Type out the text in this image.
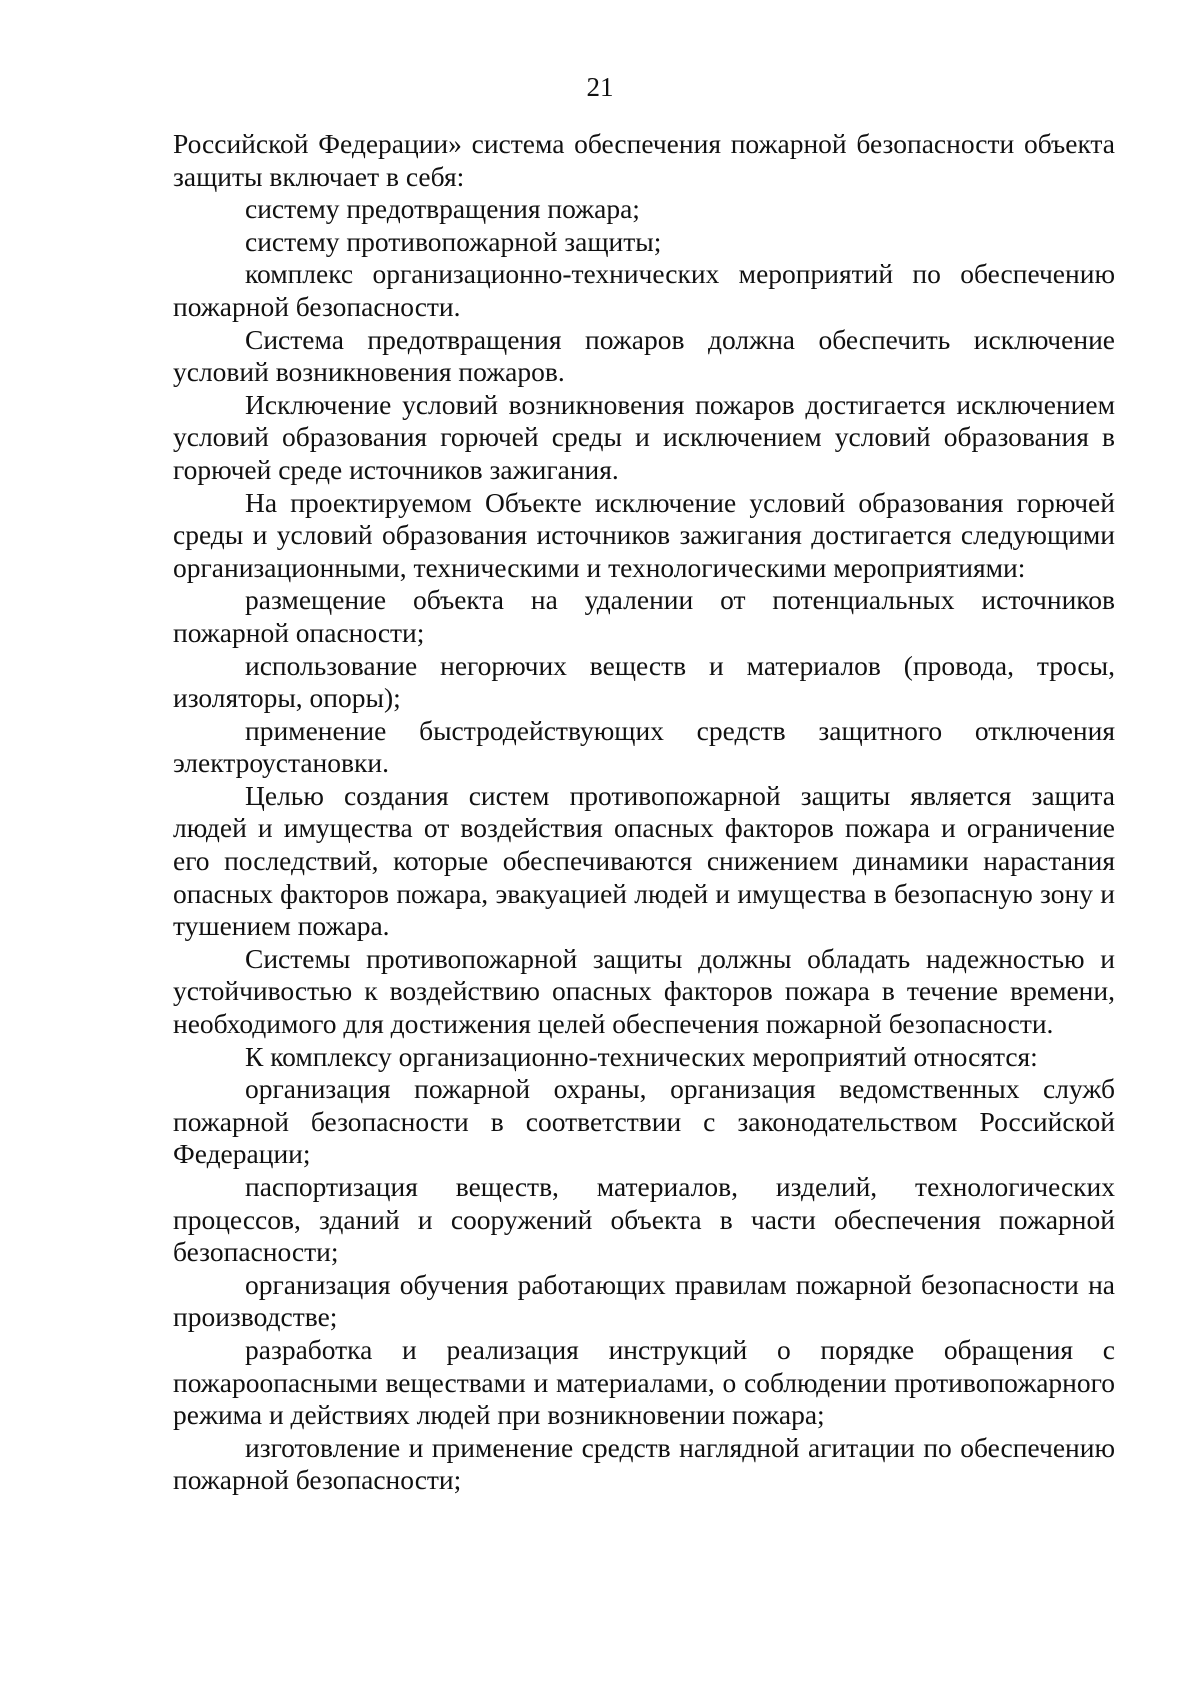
21

Российской Федерации» система обеспечения пожарной безопасности объекта защиты включает в себя:

систему предотвращения пожара;

систему противопожарной защиты;

комплекс организационно-технических мероприятий по обеспечению пожарной безопасности.

Система предотвращения пожаров должна обеспечить исключение условий возникновения пожаров.

Исключение условий возникновения пожаров достигается исключением условий образования горючей среды и исключением условий образования в горючей среде источников зажигания.

На проектируемом Объекте исключение условий образования горючей среды и условий образования источников зажигания достигается следующими организационными, техническими и технологическими мероприятиями:

размещение объекта на удалении от потенциальных источников пожарной опасности;

использование негорючих веществ и материалов (провода, тросы, изоляторы, опоры);

применение быстродействующих средств защитного отключения электроустановки.

Целью создания систем противопожарной защиты является защита людей и имущества от воздействия опасных факторов пожара и ограничение его последствий, которые обеспечиваются снижением динамики нарастания опасных факторов пожара, эвакуацией людей и имущества в безопасную зону и тушением пожара.

Системы противопожарной защиты должны обладать надежностью и устойчивостью к воздействию опасных факторов пожара в течение времени, необходимого для достижения целей обеспечения пожарной безопасности.

К комплексу организационно-технических мероприятий относятся:

организация пожарной охраны, организация ведомственных служб пожарной безопасности в соответствии с законодательством Российской Федерации;

паспортизация веществ, материалов, изделий, технологических процессов, зданий и сооружений объекта в части обеспечения пожарной безопасности;

организация обучения работающих правилам пожарной безопасности на производстве;

разработка и реализация инструкций о порядке обращения с пожароопасными веществами и материалами, о соблюдении противопожарного режима и действиях людей при возникновении пожара;

изготовление и применение средств наглядной агитации по обеспечению пожарной безопасности;
